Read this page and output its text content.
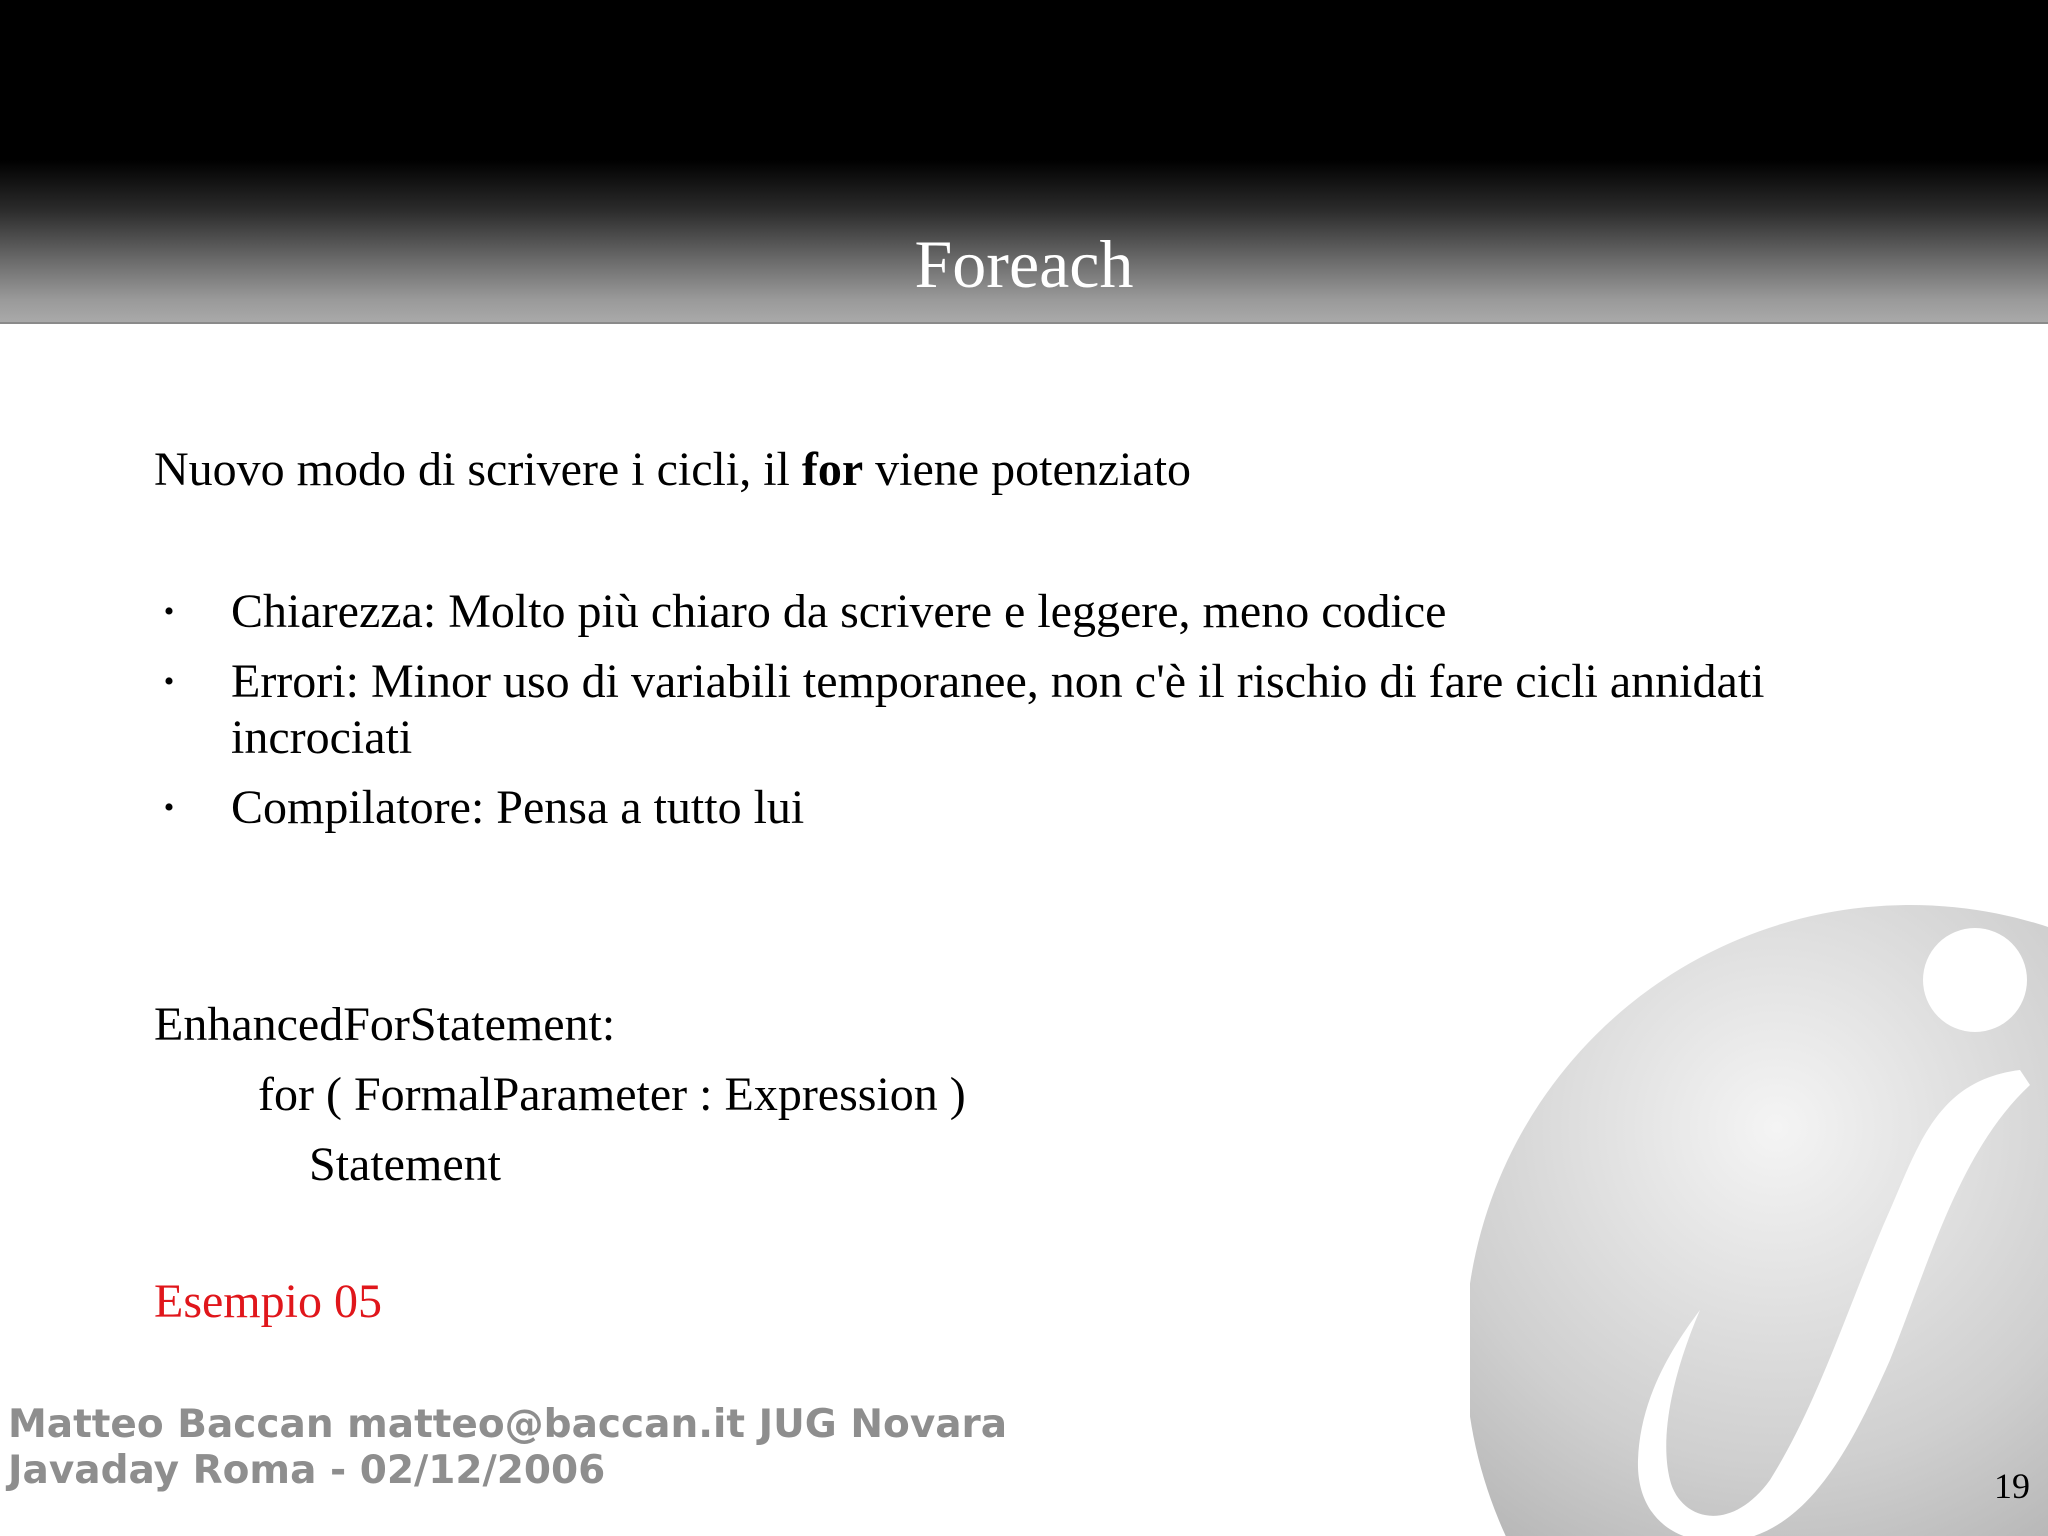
Foreach
Nuovo modo di scrivere i cicli, il for viene potenziato
• Chiarezza: Molto più chiaro da scrivere e leggere, meno codice
• Errori: Minor uso di variabili temporanee, non c'è il rischio di fare cicli annidati incrociati
• Compilatore: Pensa a tutto lui
EnhancedForStatement:
for ( FormalParameter : Expression )
Statement
Esempio 05
Matteo Baccan matteo@baccan.it JUG Novara
Javaday Roma - 02/12/2006	19
